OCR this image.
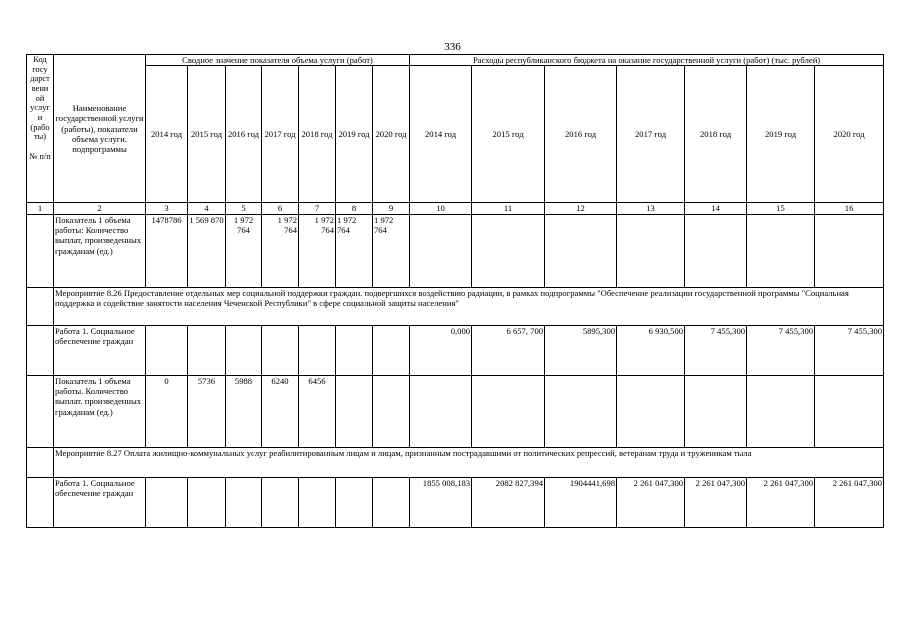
336
Код госу дарст вени ой услуг и (рабо ты)
№ п/п	Наименование государственной услуги (работы), показатели объема услуги. подпрограммы	Сводное значение показателя объема услуги (работ)							Расходы республиканского бюджета на оказание государственной услуги (работ) (тыс. рублей)						
		2014 год	2015 год	2016 год	2017 год	2018 год	2019 год	2020 год	2014 год	2015 год	2016 год	2017 год	2018 год	2019 год	2020 год
1	2	3	4	5	6	7	8	9	10	11	12	13	14	15	16
	Показатель 1 объема работы: Количество выплат, произведенных гражданам (ед.)	1478786	1 569 870	1 972 764	1 972 764	1 972 764	1 972 764	1 972 764							
	Мероприятие 8.26 Предоставление отдельных мер социальной поддержки граждан. подвергшихся воздействию радиации, в рамках подпрограммы "Обеспечение реализации государственной программы "Социальная поддержка и содействие занятости населения Чеченской Республики" в сфере социальной защиты населения"														
	Работа 1. Социальное обеспечение граждан								0,000	6 657, 700	5895,300	6 930,500	7 455,300	7 455,300	7 455,300
	Показатель 1 объема работы. Количество выплат. произведенных гражданам (ед.)	0	5736	5988	6240	6456									
	Мероприятие 8.27 Оплата жилищно-коммунальных услуг реабилитированным лицам и лицам, признанным пострадавшими от политических репрессий, ветеранам труда и труженикам тыла														
	Работа 1. Социальное обеспечение граждан								1855 008,183	2082 827,394	1904441,698	2 261 047,300	2 261 047,300	2 261 047,300	2 261 047,300
